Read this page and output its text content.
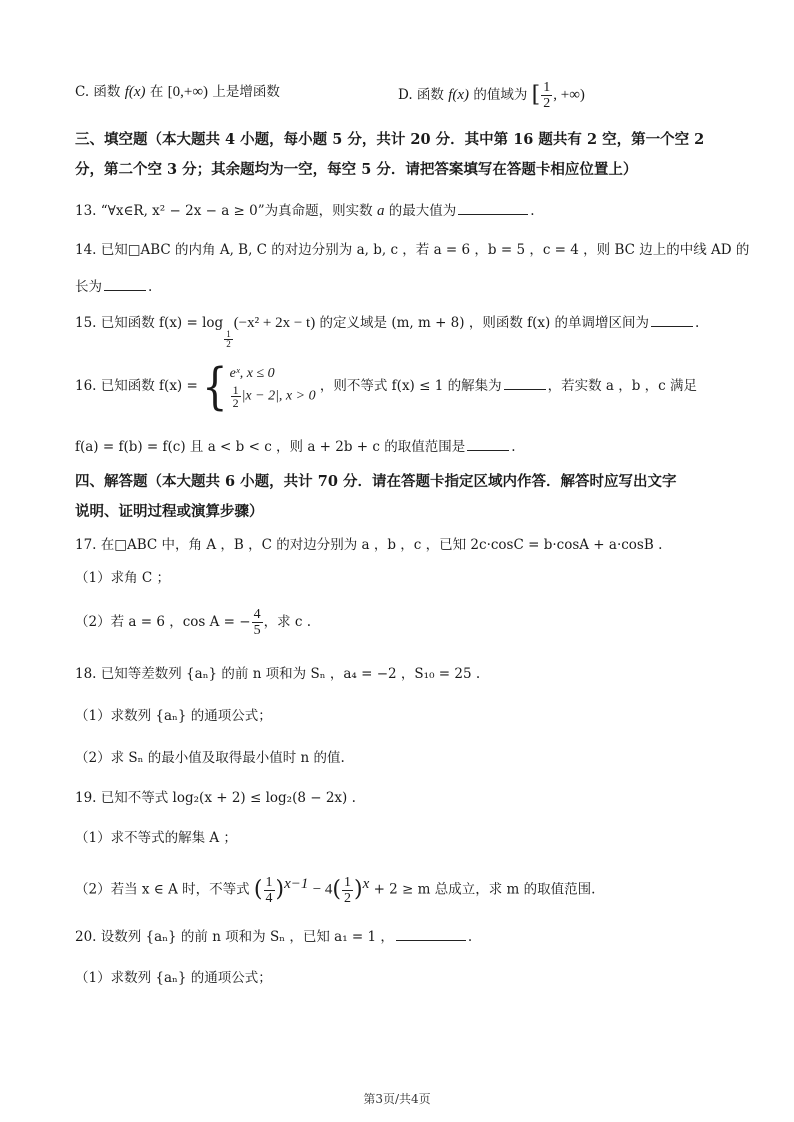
C. 函数 f(x) 在 [0,+∞) 上是增函数	D. 函数 f(x) 的值域为 [ $\frac{1}{2}$ , +∞)
三、填空题（本大题共 4 小题，每小题 5 分，共计 20 分．其中第 16 题共有 2 空，第一个空 2
分，第二个空 3 分；其余题均为一空，每空 5 分．请把答案填写在答题卡相应位置上）
13. “∀x∈R, x² − 2x − a ≥ 0”为真命题，则实数 a 的最大值为	.
14. 已知□ABC 的内角 A, B, C 的对边分别为 a, b, c ，若 a = 6 ，b = 5 ，c = 4 ，则 BC 边上的中线 AD 的
长为	.
15. 已知函数 f(x) = log
$\frac{1}{2}$
(−x² + 2x − t) 的定义域是 (m, m + 8) ，则函数 f(x) 的单调增区间为	.
16. 已知函数 f(x) = { eˣ, x ≤ 0
$\frac{1}{2} |x - 2|$, x > 0
，则不等式 f(x) ≤ 1 的解集为	，若实数 a ，b ，c 满足
f(a) = f(b) = f(c) 且 a < b < c ，则 a + 2b + c 的取值范围是	.
四、解答题（本大题共 6 小题，共计 70 分．请在答题卡指定区域内作答．解答时应写出文字
说明、证明过程或演算步骤）
17. 在□ABC 中，角 A ，B ，C 的对边分别为 a ，b ，c ，已知 2c·cosC = b·cosA + a·cosB .
（1）求角 C ；
（2）若 a = 6 ，cos A = − $\frac{4}{5}$ ，求 c .
18. 已知等差数列 {aₙ} 的前 n 项和为 Sₙ ，a₄ = −2 ，S₁₀ = 25 .
（1）求数列 {aₙ} 的通项公式；
（2）求 Sₙ 的最小值及取得最小值时 n 的值.
19. 已知不等式 log₂(x + 2) ≤ log₂(8 − 2x) .
（1）求不等式的解集 A ；
（2）若当 x ∈ A 时，不等式 ( $\frac{1}{4} )^{x-1} - 4( \frac{1}{2} )^x + 2 \ge m$ 总成立，求 m 的取值范围.
20. 设数列 {aₙ} 的前 n 项和为 Sₙ ，已知 a₁ = 1 ，	.
（1）求数列 {aₙ} 的通项公式；
第3页/共4页
